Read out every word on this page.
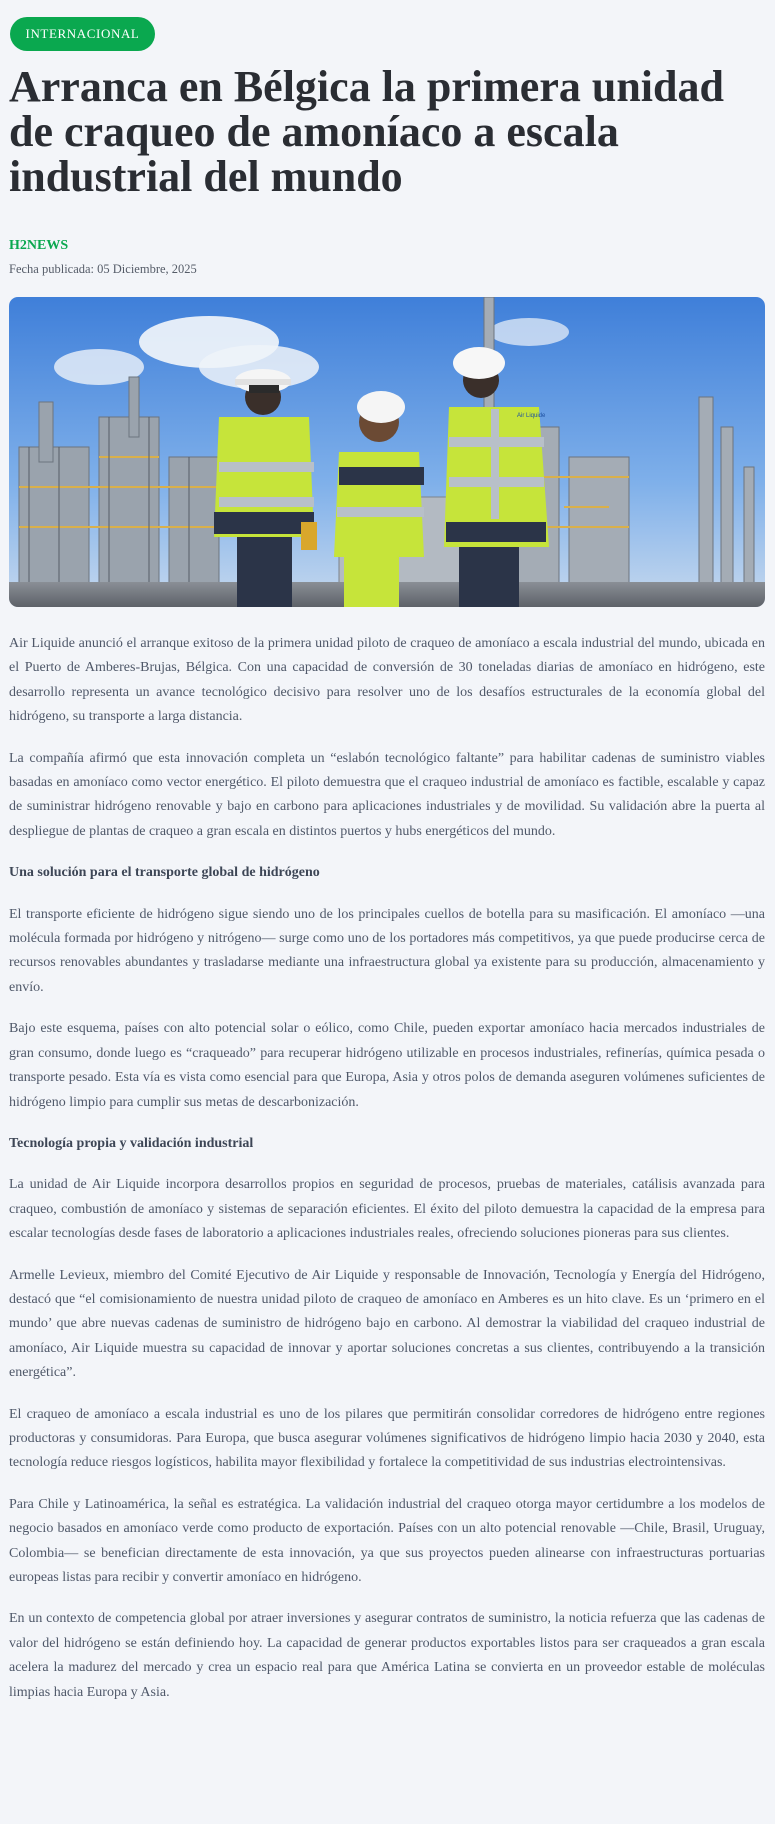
INTERNACIONAL
Arranca en Bélgica la primera unidad de craqueo de amoníaco a escala industrial del mundo
H2NEWS
Fecha publicada: 05 Diciembre, 2025
Air Liquide

Air Liquide anunció el arranque exitoso de la primera unidad piloto de craqueo de amoníaco a escala industrial del mundo, ubicada en el Puerto de Amberes-Brujas, Bélgica. Con una capacidad de conversión de 30 toneladas diarias de amoníaco en hidrógeno, este desarrollo representa un avance tecnológico decisivo para resolver uno de los desafíos estructurales de la economía global del hidrógeno, su transporte a larga distancia.

La compañía afirmó que esta innovación completa un “eslabón tecnológico faltante” para habilitar cadenas de suministro viables basadas en amoníaco como vector energético. El piloto demuestra que el craqueo industrial de amoníaco es factible, escalable y capaz de suministrar hidrógeno renovable y bajo en carbono para aplicaciones industriales y de movilidad. Su validación abre la puerta al despliegue de plantas de craqueo a gran escala en distintos puertos y hubs energéticos del mundo.

Una solución para el transporte global de hidrógeno

El transporte eficiente de hidrógeno sigue siendo uno de los principales cuellos de botella para su masificación. El amoníaco —una molécula formada por hidrógeno y nitrógeno— surge como uno de los portadores más competitivos, ya que puede producirse cerca de recursos renovables abundantes y trasladarse mediante una infraestructura global ya existente para su producción, almacenamiento y envío.

Bajo este esquema, países con alto potencial solar o eólico, como Chile, pueden exportar amoníaco hacia mercados industriales de gran consumo, donde luego es “craqueado” para recuperar hidrógeno utilizable en procesos industriales, refinerías, química pesada o transporte pesado. Esta vía es vista como esencial para que Europa, Asia y otros polos de demanda aseguren volúmenes suficientes de hidrógeno limpio para cumplir sus metas de descarbonización.

Tecnología propia y validación industrial

La unidad de Air Liquide incorpora desarrollos propios en seguridad de procesos, pruebas de materiales, catálisis avanzada para craqueo, combustión de amoníaco y sistemas de separación eficientes. El éxito del piloto demuestra la capacidad de la empresa para escalar tecnologías desde fases de laboratorio a aplicaciones industriales reales, ofreciendo soluciones pioneras para sus clientes.

Armelle Levieux, miembro del Comité Ejecutivo de Air Liquide y responsable de Innovación, Tecnología y Energía del Hidrógeno, destacó que “el comisionamiento de nuestra unidad piloto de craqueo de amoníaco en Amberes es un hito clave. Es un ‘primero en el mundo’ que abre nuevas cadenas de suministro de hidrógeno bajo en carbono. Al demostrar la viabilidad del craqueo industrial de amoníaco, Air Liquide muestra su capacidad de innovar y aportar soluciones concretas a sus clientes, contribuyendo a la transición energética”.

El craqueo de amoníaco a escala industrial es uno de los pilares que permitirán consolidar corredores de hidrógeno entre regiones productoras y consumidoras. Para Europa, que busca asegurar volúmenes significativos de hidrógeno limpio hacia 2030 y 2040, esta tecnología reduce riesgos logísticos, habilita mayor flexibilidad y fortalece la competitividad de sus industrias electrointensivas.

Para Chile y Latinoamérica, la señal es estratégica. La validación industrial del craqueo otorga mayor certidumbre a los modelos de negocio basados en amoníaco verde como producto de exportación. Países con un alto potencial renovable —Chile, Brasil, Uruguay, Colombia— se benefician directamente de esta innovación, ya que sus proyectos pueden alinearse con infraestructuras portuarias europeas listas para recibir y convertir amoníaco en hidrógeno.

En un contexto de competencia global por atraer inversiones y asegurar contratos de suministro, la noticia refuerza que las cadenas de valor del hidrógeno se están definiendo hoy. La capacidad de generar productos exportables listos para ser craqueados a gran escala acelera la madurez del mercado y crea un espacio real para que América Latina se convierta en un proveedor estable de moléculas limpias hacia Europa y Asia.
